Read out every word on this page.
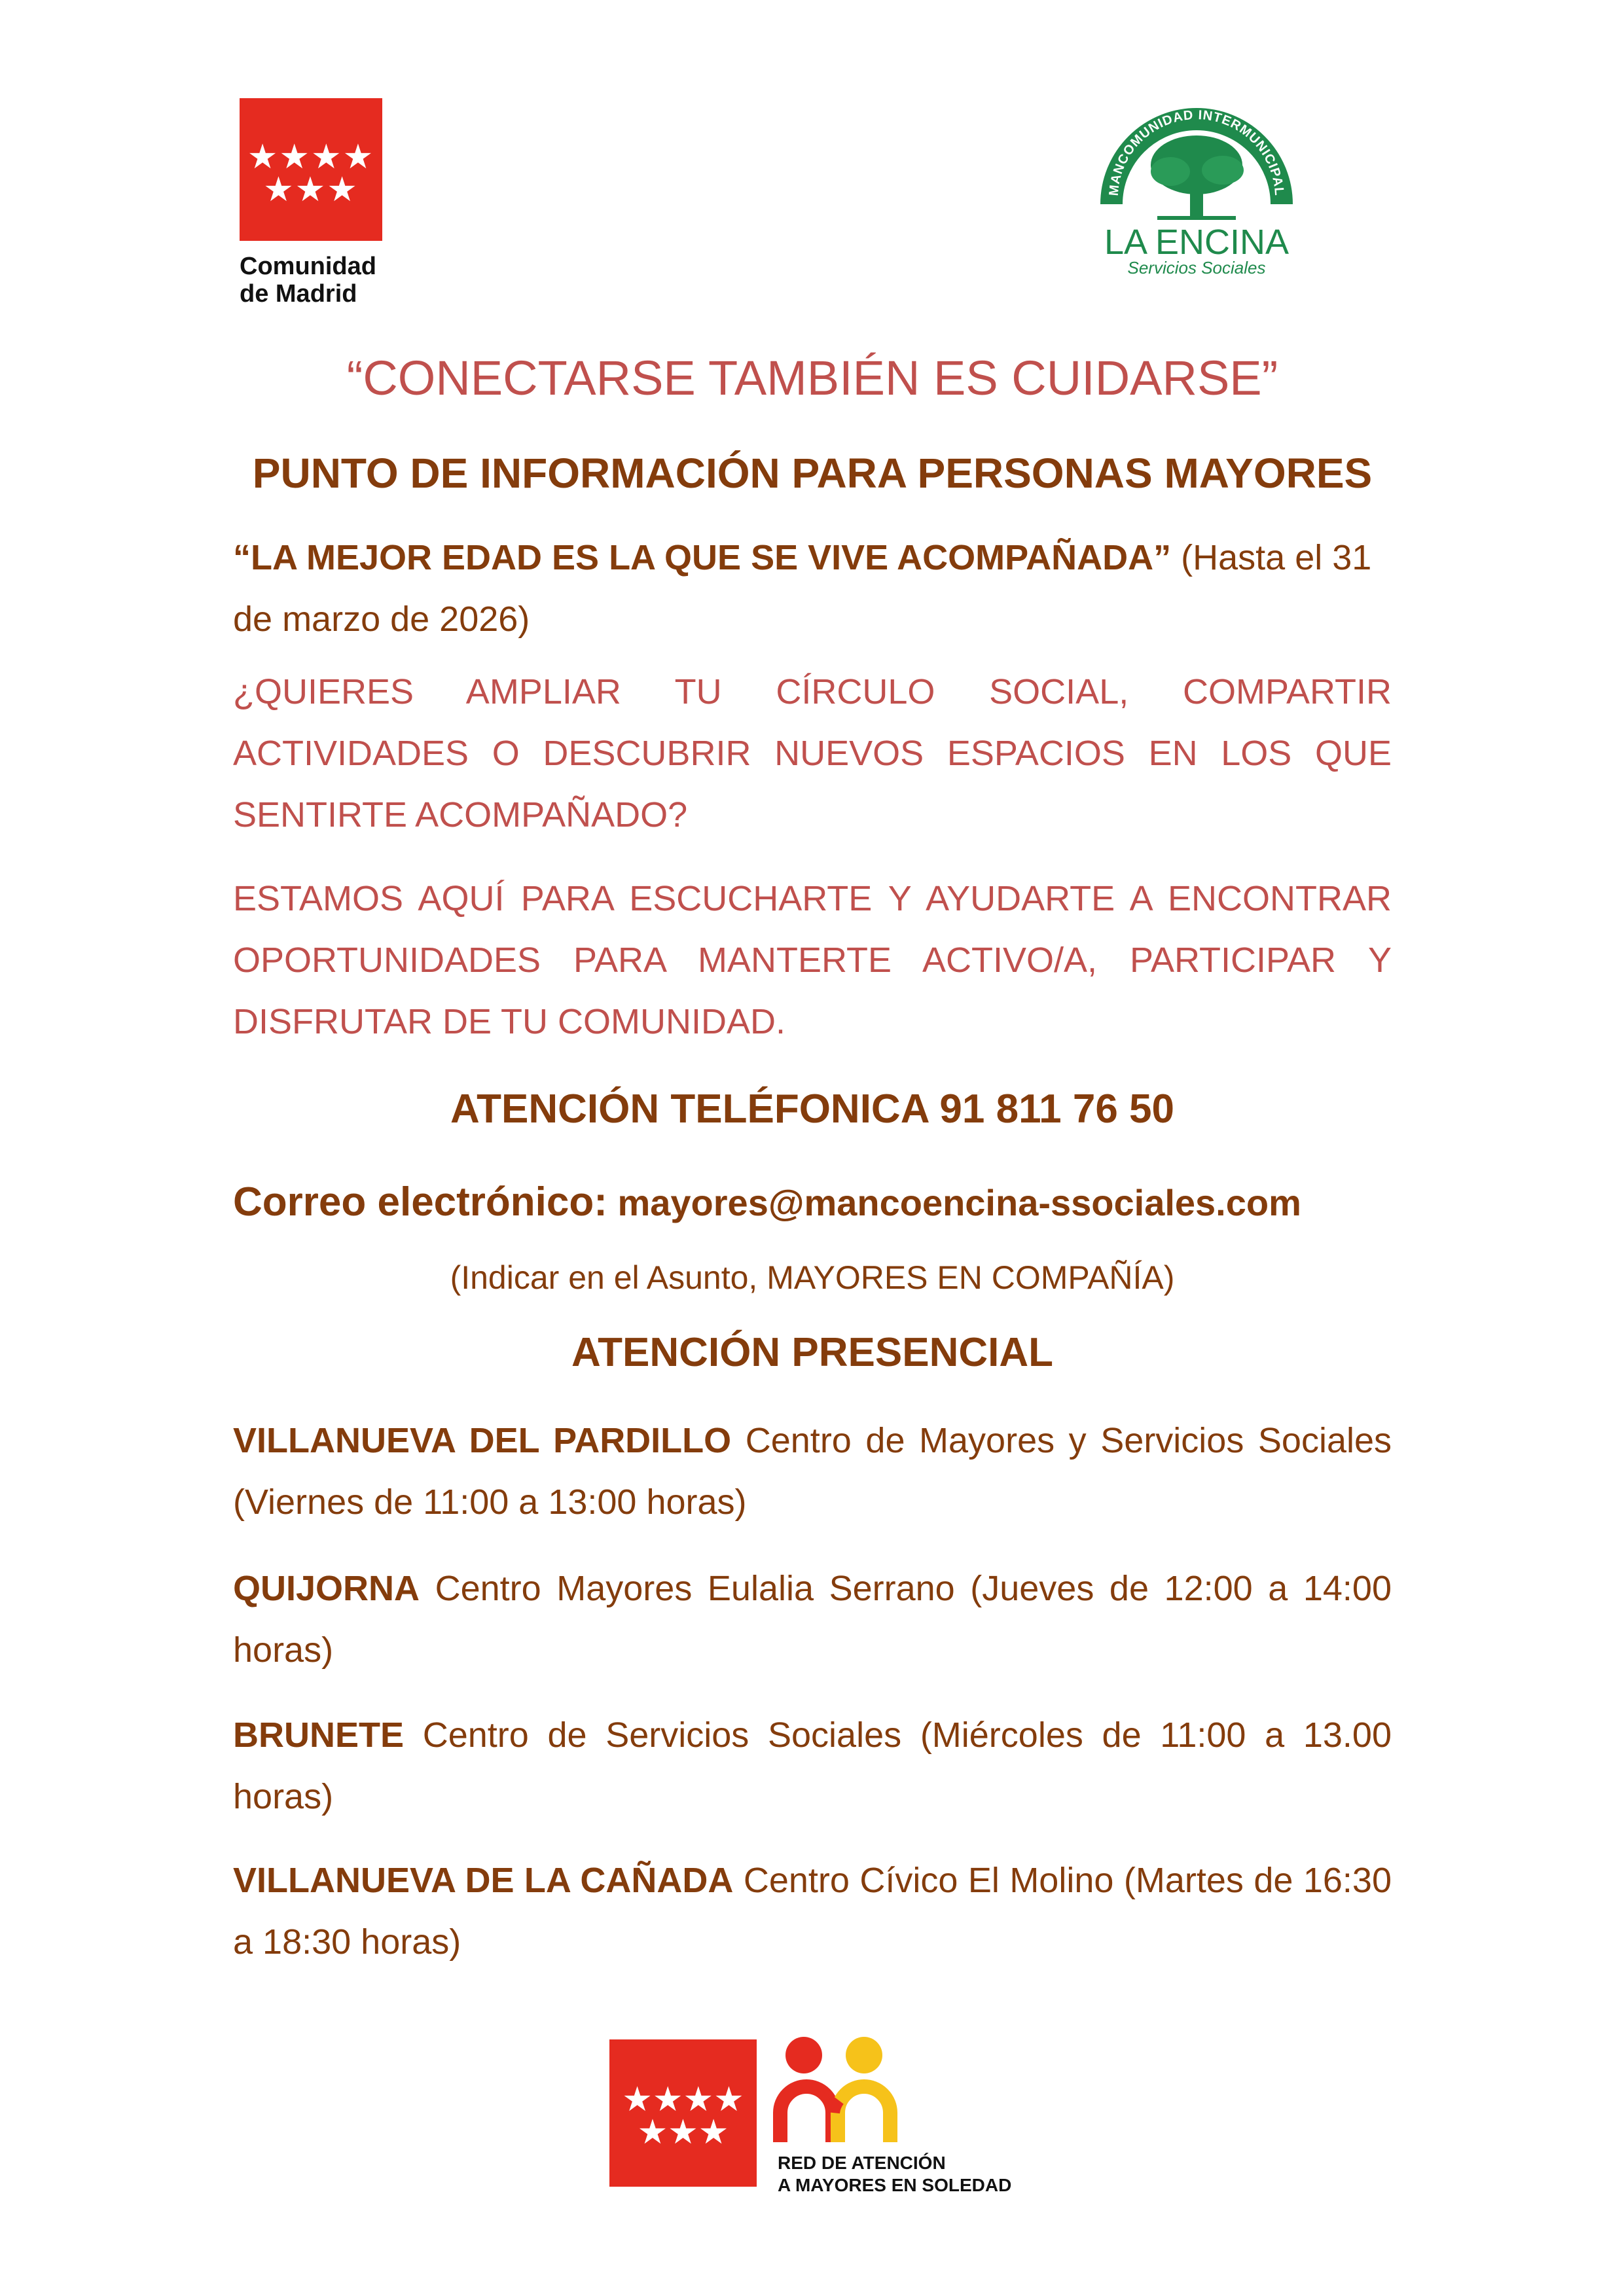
★★★★
★★★
Comunidad
de Madrid
MANCOMUNIDAD INTERMUNICIPAL
LA ENCINA
Servicios Sociales
“CONECTARSE TAMBIÉN ES CUIDARSE”
PUNTO DE INFORMACIÓN PARA PERSONAS MAYORES
“LA MEJOR EDAD ES LA QUE SE VIVE ACOMPAÑADA” (Hasta el 31 de marzo de 2026)
¿QUIERES AMPLIAR TU CÍRCULO SOCIAL, COMPARTIR ACTIVIDADES O DESCUBRIR NUEVOS ESPACIOS EN LOS QUE SENTIRTE ACOMPAÑADO?
ESTAMOS AQUÍ PARA ESCUCHARTE Y AYUDARTE A ENCONTRAR OPORTUNIDADES PARA MANTERTE ACTIVO/A, PARTICIPAR Y DISFRUTAR DE TU COMUNIDAD.
ATENCIÓN TELÉFONICA 91 811 76 50
Correo electrónico: mayores@mancoencina-ssociales.com
(Indicar en el Asunto, MAYORES EN COMPAÑÍA)
ATENCIÓN PRESENCIAL
VILLANUEVA DEL PARDILLO Centro de Mayores y Servicios Sociales (Viernes de 11:00 a 13:00 horas)
QUIJORNA Centro Mayores Eulalia Serrano (Jueves de 12:00 a 14:00 horas)
BRUNETE Centro de Servicios Sociales (Miércoles de 11:00 a 13.00 horas)
VILLANUEVA DE LA CAÑADA Centro Cívico El Molino (Martes de 16:30 a 18:30 horas)
★★★★
★★★
RED DE ATENCIÓN
A MAYORES EN SOLEDAD
